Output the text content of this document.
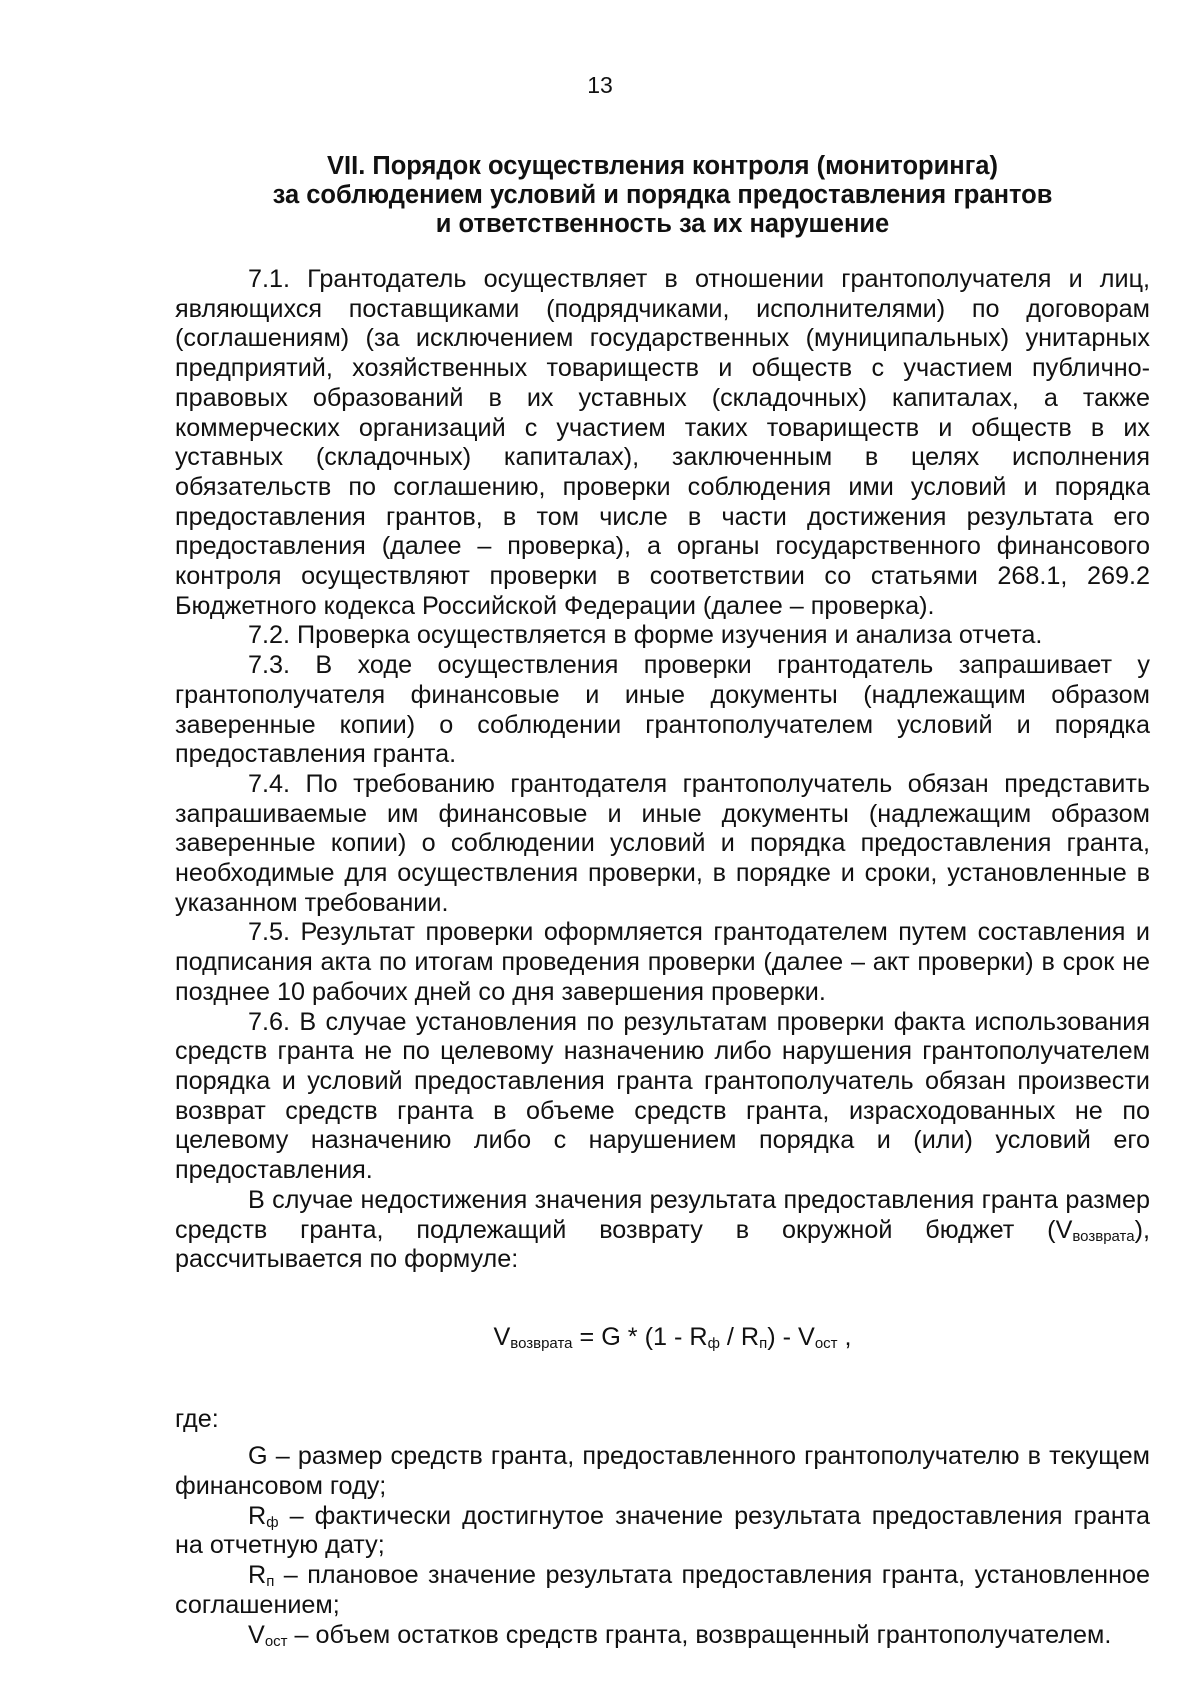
13
VII. Порядок осуществления контроля (мониторинга)
за соблюдением условий и порядка предоставления грантов
и ответственность за их нарушение

7.1. Грантодатель осуществляет в отношении грантополучателя и лиц, являющихся поставщиками (подрядчиками, исполнителями) по договорам (соглашениям) (за исключением государственных (муниципальных) унитарных предприятий, хозяйственных товариществ и обществ с участием публично-правовых образований в их уставных (складочных) капиталах, а также коммерческих организаций с участием таких товариществ и обществ в их уставных (складочных) капиталах), заключенным в целях исполнения обязательств по соглашению, проверки соблюдения ими условий и порядка предоставления грантов, в том числе в части достижения результата его предоставления (далее – проверка), а органы государственного финансового контроля осуществляют проверки в соответствии со статьями 268.1, 269.2 Бюджетного кодекса Российской Федерации (далее – проверка).

7.2. Проверка осуществляется в форме изучения и анализа отчета.

7.3. В ходе осуществления проверки грантодатель запрашивает у грантополучателя финансовые и иные документы (надлежащим образом заверенные копии) о соблюдении грантополучателем условий и порядка предоставления гранта.

7.4. По требованию грантодателя грантополучатель обязан представить запрашиваемые им финансовые и иные документы (надлежащим образом заверенные копии) о соблюдении условий и порядка предоставления гранта, необходимые для осуществления проверки, в порядке и сроки, установленные в указанном требовании.

7.5. Результат проверки оформляется грантодателем путем составления и подписания акта по итогам проведения проверки (далее – акт проверки) в срок не позднее 10 рабочих дней со дня завершения проверки.

7.6. В случае установления по результатам проверки факта использования средств гранта не по целевому назначению либо нарушения грантополучателем порядка и условий предоставления гранта грантополучатель обязан произвести возврат средств гранта в объеме средств гранта, израсходованных не по целевому назначению либо с нарушением порядка и (или) условий его предоставления.

В случае недостижения значения результата предоставления гранта размер средств гранта, подлежащий возврату в окружной бюджет $(V_{возврата})$, рассчитывается по формуле:

$V_{возврата} = G * (1 - R_ф / R_п) - V_{ост}$ ,

где:

G – размер средств гранта, предоставленного грантополучателю в текущем финансовом году;

$R_ф$ – фактически достигнутое значение результата предоставления гранта на отчетную дату;

$R_п$ – плановое значение результата предоставления гранта, установленное соглашением;

$V_{ост}$ – объем остатков средств гранта, возвращенный грантополучателем.
